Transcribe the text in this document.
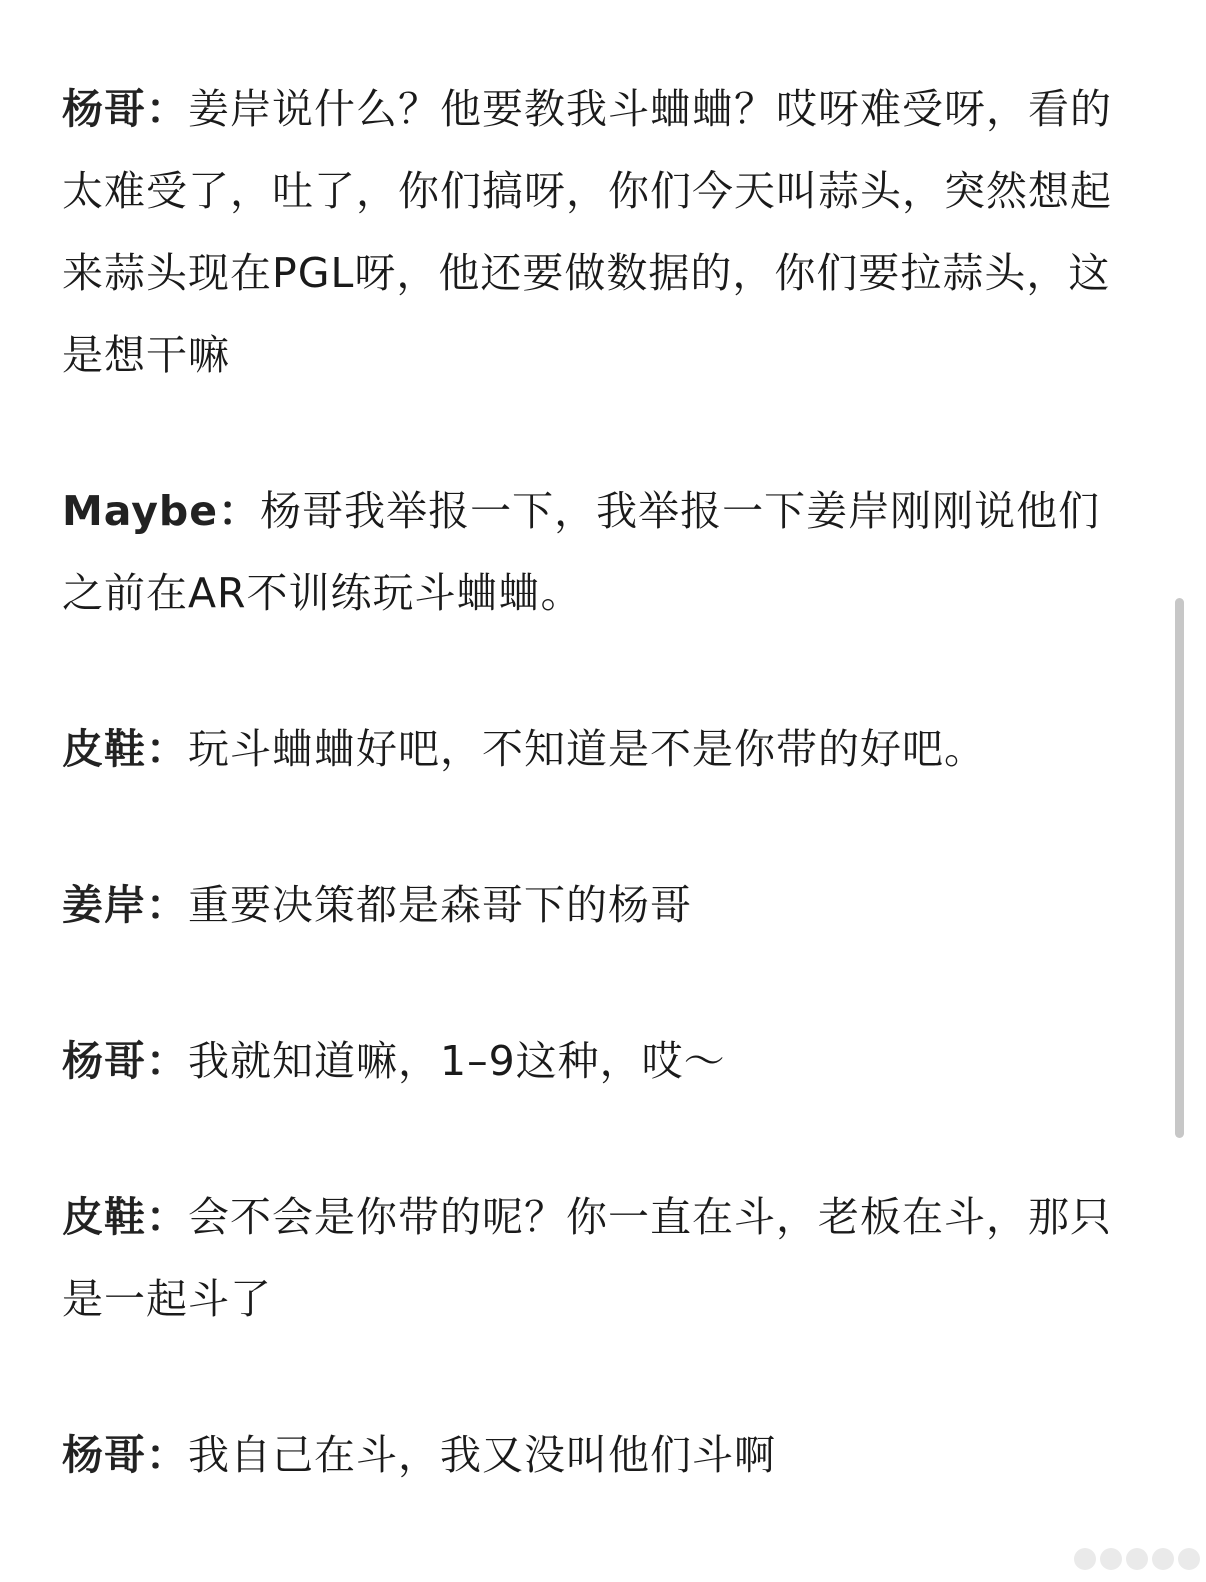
杨哥：姜岸说什么？他要教我斗蛐蛐？哎呀难受呀，看的太难受了，吐了，你们搞呀，你们今天叫蒜头，突然想起来蒜头现在PGL呀，他还要做数据的，你们要拉蒜头，这是想干嘛

Maybe：杨哥我举报一下，我举报一下姜岸刚刚说他们之前在AR不训练玩斗蛐蛐。

皮鞋：玩斗蛐蛐好吧，不知道是不是你带的好吧。

姜岸：重要决策都是森哥下的杨哥

杨哥：我就知道嘛，1–9这种，哎～

皮鞋：会不会是你带的呢？你一直在斗，老板在斗，那只是一起斗了

杨哥：我自己在斗，我又没叫他们斗啊
